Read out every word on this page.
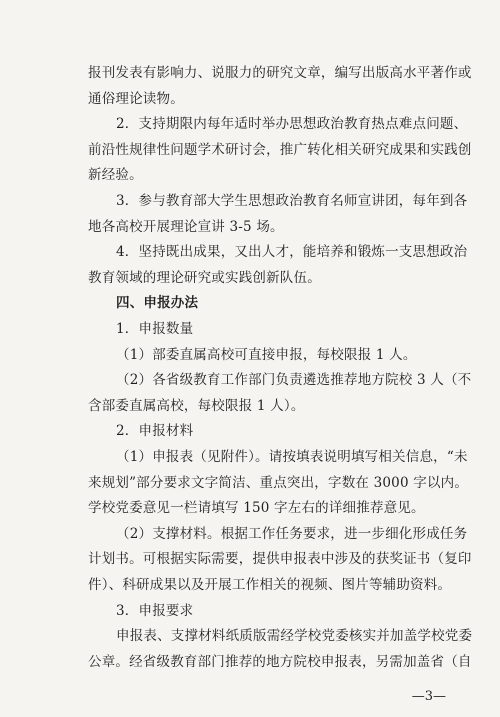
报刊发表有影响力、说服力的研究文章，编写出版高水平著作或
通俗理论读物。
2．支持期限内每年适时举办思想政治教育热点难点问题、
前沿性规律性问题学术研讨会，推广转化相关研究成果和实践创
新经验。
3．参与教育部大学生思想政治教育名师宣讲团，每年到各
地各高校开展理论宣讲 3-5 场。
4．坚持既出成果，又出人才，能培养和锻炼一支思想政治
教育领域的理论研究或实践创新队伍。
四、申报办法
1．申报数量
（1）部委直属高校可直接申报，每校限报 1 人。
（2）各省级教育工作部门负责遴选推荐地方院校 3 人（不
含部委直属高校，每校限报 1 人）。
2．申报材料
（1）申报表（见附件）。请按填表说明填写相关信息，“未
来规划”部分要求文字简洁、重点突出，字数在 3000 字以内。
学校党委意见一栏请填写 150 字左右的详细推荐意见。
（2）支撑材料。根据工作任务要求，进一步细化形成任务
计划书。可根据实际需要，提供申报表中涉及的获奖证书（复印
件）、科研成果以及开展工作相关的视频、图片等辅助资料。
3．申报要求
申报表、支撑材料纸质版需经学校党委核实并加盖学校党委
公章。经省级教育部门推荐的地方院校申报表，另需加盖省（自
—3—
